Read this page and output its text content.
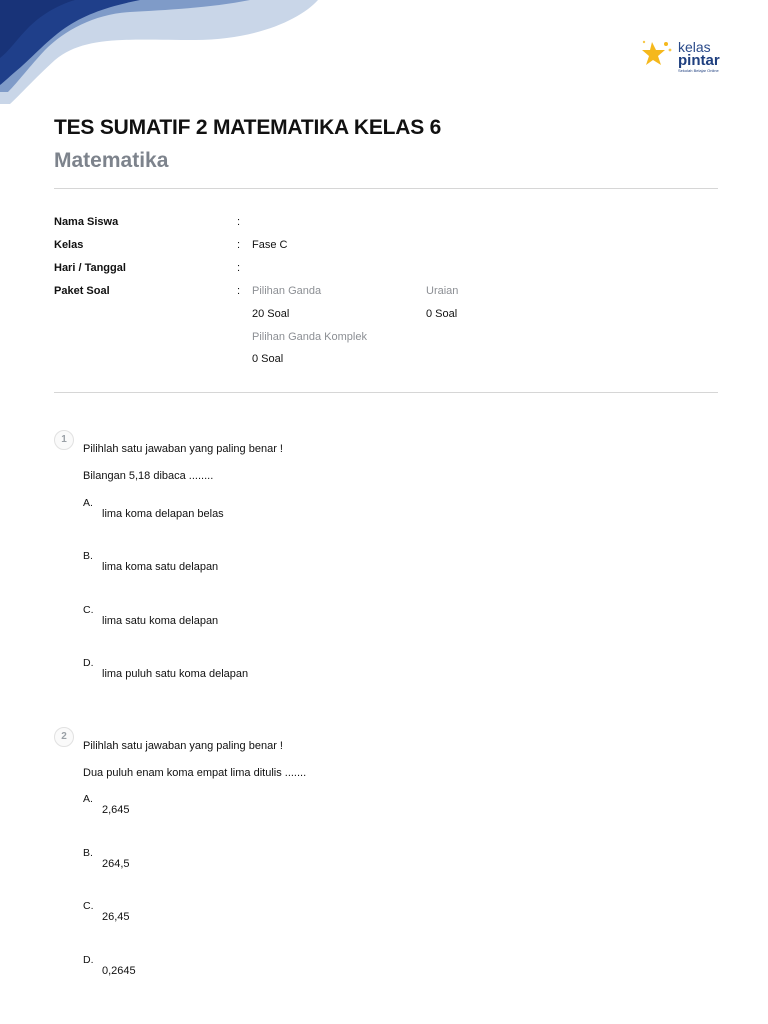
kelas
pintar
Sekolah Belajar Online
TES SUMATIF 2 MATEMATIKA KELAS 6
Matematika
Nama Siswa	:
Kelas	: Fase C
Hari / Tanggal	:
Paket Soal	: Pilihan Ganda
20 Soal
Uraian
0 Soal
Pilihan Ganda Komplek
0 Soal
1
Pilihlah satu jawaban yang paling benar !
Bilangan 5,18 dibaca ........
A.
lima koma delapan belas
B.
lima koma satu delapan
C.
lima satu koma delapan
D.
lima puluh satu koma delapan
2
Pilihlah satu jawaban yang paling benar !
Dua puluh enam koma empat lima ditulis .......
A.
2,645
B.
264,5
C.
26,45
D.
0,2645
